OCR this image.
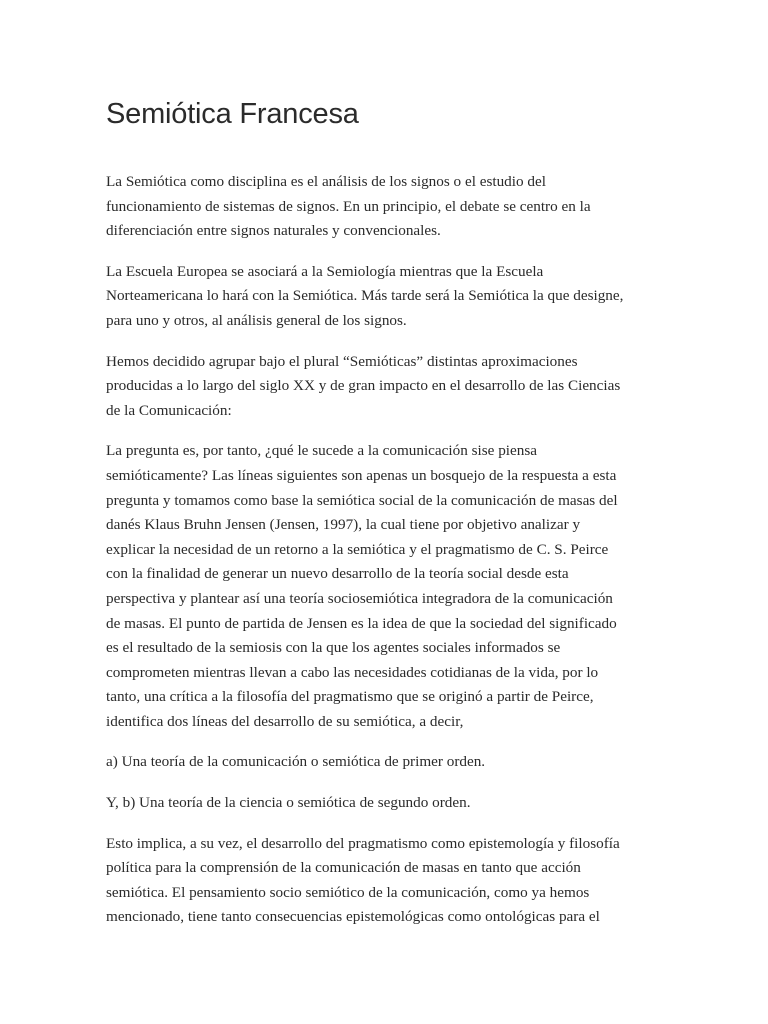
Semiótica Francesa

La Semiótica como disciplina es el análisis de los signos o el estudio del
funcionamiento de sistemas de signos. En un principio, el debate se centro en la
diferenciación entre signos naturales y convencionales.

La Escuela Europea se asociará a la Semiología mientras que la Escuela
Norteamericana lo hará con la Semiótica. Más tarde será la Semiótica la que designe,
para uno y otros, al análisis general de los signos.

Hemos decidido agrupar bajo el plural “Semióticas” distintas aproximaciones
producidas a lo largo del siglo XX y de gran impacto en el desarrollo de las Ciencias
de la Comunicación:

La pregunta es, por tanto, ¿qué le sucede a la comunicación sise piensa
semióticamente? Las líneas siguientes son apenas un bosquejo de la respuesta a esta
pregunta y tomamos como base la semiótica social de la comunicación de masas del
danés Klaus Bruhn Jensen (Jensen, 1997), la cual tiene por objetivo analizar y
explicar la necesidad de un retorno a la semiótica y el pragmatismo de C. S. Peirce
con la finalidad de generar un nuevo desarrollo de la teoría social desde esta
perspectiva y plantear así una teoría sociosemiótica integradora de la comunicación
de masas. El punto de partida de Jensen es la idea de que la sociedad del significado
es el resultado de la semiosis con la que los agentes sociales informados se
comprometen mientras llevan a cabo las necesidades cotidianas de la vida, por lo
tanto, una crítica a la filosofía del pragmatismo que se originó a partir de Peirce,
identifica dos líneas del desarrollo de su semiótica, a decir,

a) Una teoría de la comunicación o semiótica de primer orden.

Y, b) Una teoría de la ciencia o semiótica de segundo orden.

Esto implica, a su vez, el desarrollo del pragmatismo como epistemología y filosofía
política para la comprensión de la comunicación de masas en tanto que acción
semiótica. El pensamiento socio semiótico de la comunicación, como ya hemos
mencionado, tiene tanto consecuencias epistemológicas como ontológicas para el
